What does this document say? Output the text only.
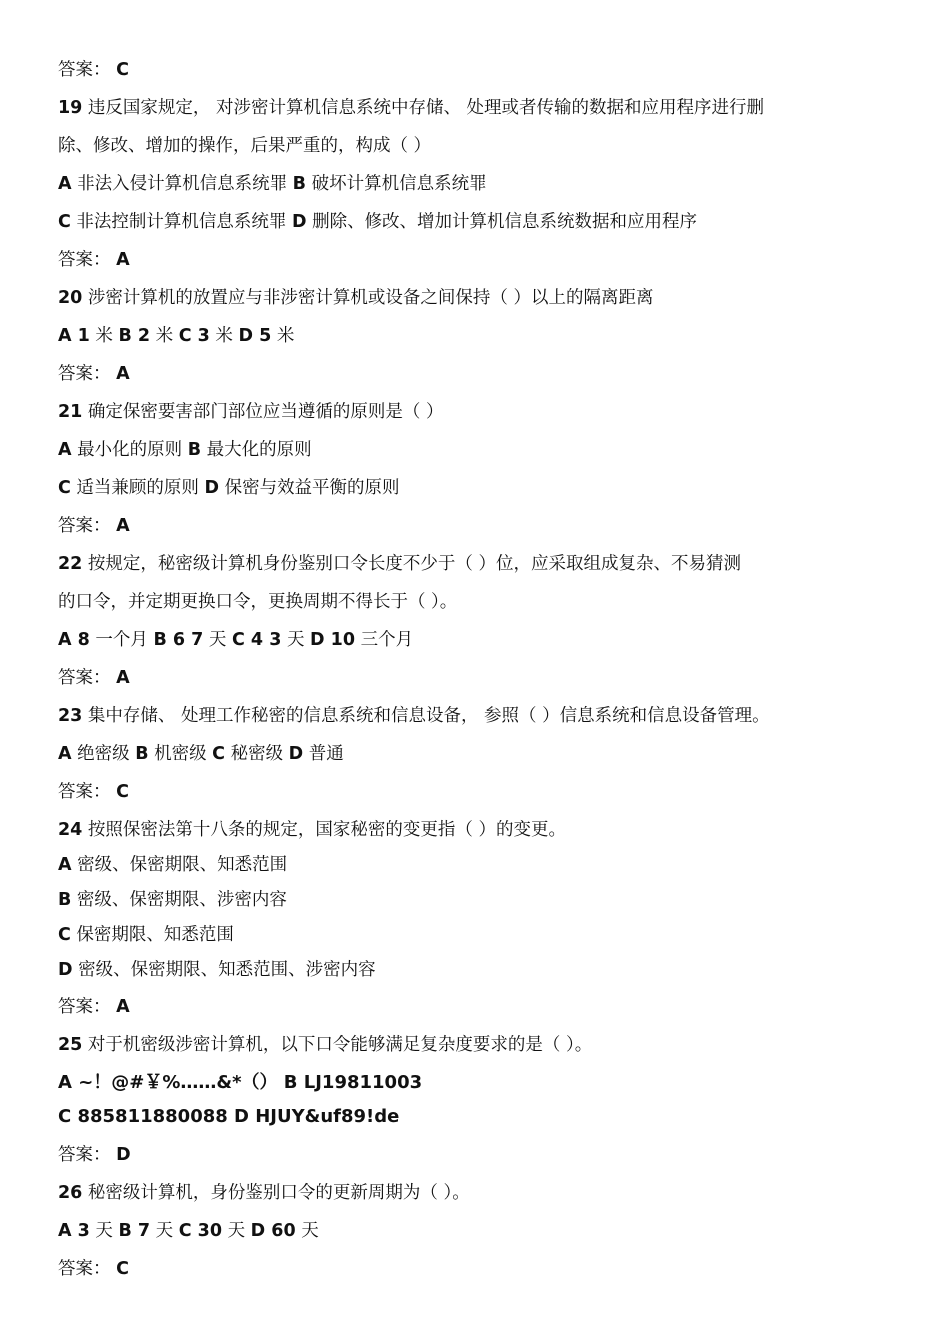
答案： C
19 违反国家规定， 对涉密计算机信息系统中存储、 处理或者传输的数据和应用程序进行删
除、修改、增加的操作，后果严重的，构成（ ）
A 非法入侵计算机信息系统罪 B 破坏计算机信息系统罪
C 非法控制计算机信息系统罪 D 删除、修改、增加计算机信息系统数据和应用程序
答案： A
20 涉密计算机的放置应与非涉密计算机或设备之间保持（ ）以上的隔离距离
A 1 米 B 2 米 C 3 米 D 5 米
答案： A
21 确定保密要害部门部位应当遵循的原则是（ ）
A 最小化的原则 B 最大化的原则
C 适当兼顾的原则 D 保密与效益平衡的原则
答案： A
22 按规定，秘密级计算机身份鉴别口令长度不少于（ ）位，应采取组成复杂、不易猜测
的口令，并定期更换口令，更换周期不得长于（ ）。
A 8 一个月 B 6 7 天 C 4 3 天 D 10 三个月
答案： A
23 集中存储、 处理工作秘密的信息系统和信息设备， 参照（ ）信息系统和信息设备管理。
A 绝密级 B 机密级 C 秘密级 D 普通
答案： C
24 按照保密法第十八条的规定，国家秘密的变更指（ ）的变更。
A 密级、保密期限、知悉范围
B 密级、保密期限、涉密内容
C 保密期限、知悉范围
D 密级、保密期限、知悉范围、涉密内容
答案： A
25 对于机密级涉密计算机，以下口令能够满足复杂度要求的是（ ）。
A ~！@#￥%……&*（） B LJ19811003
C 885811880088 D HJUY&uf89!de
答案： D
26 秘密级计算机，身份鉴别口令的更新周期为（ ）。
A 3 天 B 7 天 C 30 天 D 60 天
答案： C
